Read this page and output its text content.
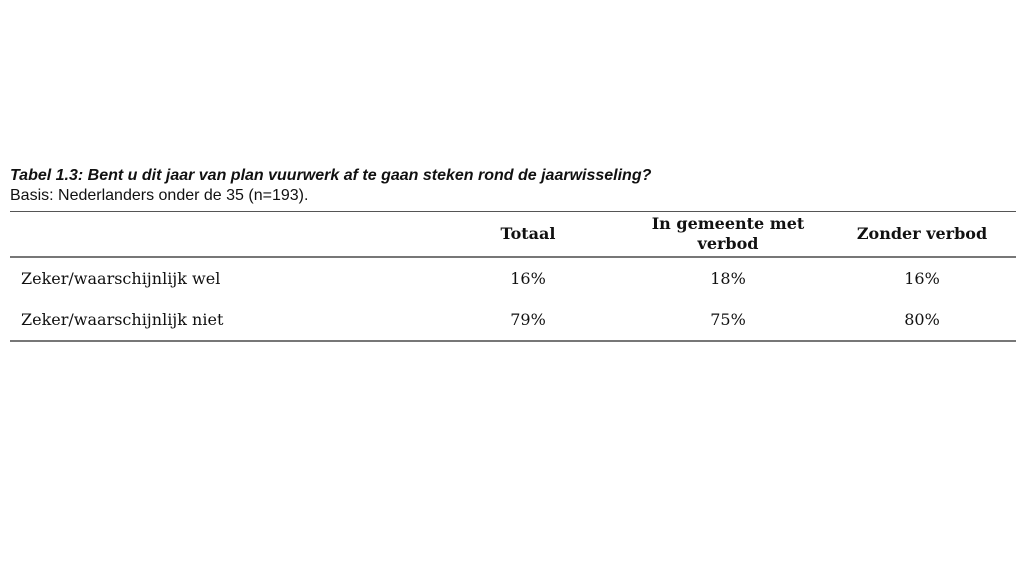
Tabel 1.3: Bent u dit jaar van plan vuurwerk af te gaan steken rond de jaarwisseling?

Basis: Nederlanders onder de 35 (n=193).

	Totaal	In gemeente met verbod	Zonder verbod
Zeker/waarschijnlijk wel	16%	18%	16%
Zeker/waarschijnlijk niet	79%	75%	80%
